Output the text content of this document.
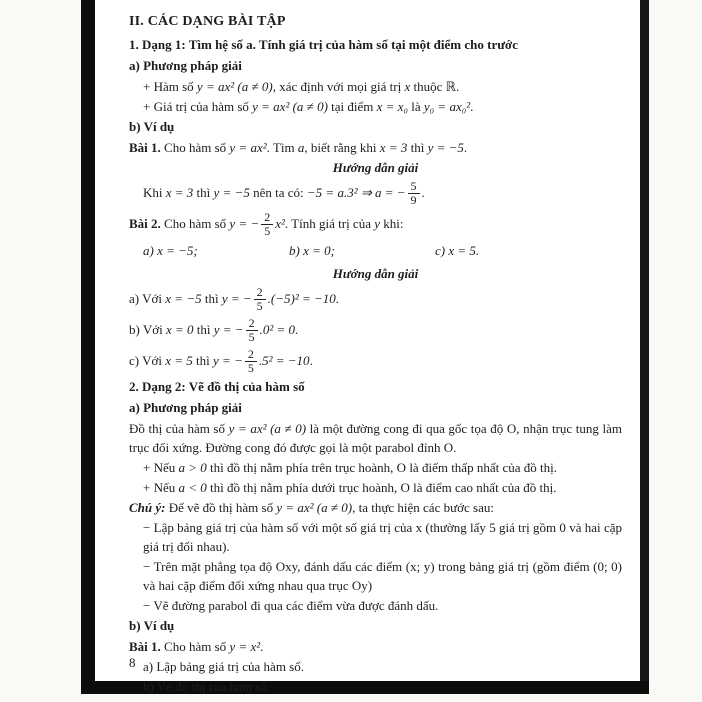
II. CÁC DẠNG BÀI TẬP
1. Dạng 1: Tìm hệ số a. Tính giá trị của hàm số tại một điểm cho trước
a) Phương pháp giải
+ Hàm số y = ax² (a ≠ 0), xác định với mọi giá trị x thuộc ℝ.
+ Giá trị của hàm số y = ax² (a ≠ 0) tại điểm x = x₀ là y₀ = ax₀².
b) Ví dụ
Bài 1. Cho hàm số y = ax². Tìm a, biết rằng khi x = 3 thì y = −5.
Hướng dẫn giải
Khi x = 3 thì y = −5 nên ta có: −5 = a.3² ⇒ a = − $\frac{5}{9}$ .
Bài 2. Cho hàm số y = − $\frac{2}{5} x^2$. Tính giá trị của y khi:
a) x = −5;	b) x = 0;	c) x = 5.
Hướng dẫn giải
a) Với x = −5 thì y = − $\frac{2}{5} .(-5)^2 = -10$.
b) Với x = 0 thì y = − $\frac{2}{5} .0^2 = 0$.
c) Với x = 5 thì y = − $\frac{2}{5} .5^2 = -10$.
2. Dạng 2: Vẽ đồ thị của hàm số
a) Phương pháp giải
Đồ thị của hàm số y = ax² (a ≠ 0) là một đường cong đi qua gốc tọa độ O, nhận trục tung làm trục đối xứng. Đường cong đó được gọi là một parabol đỉnh O.
+ Nếu a > 0 thì đồ thị nằm phía trên trục hoành, O là điểm thấp nhất của đồ thị.
+ Nếu a < 0 thì đồ thị nằm phía dưới trục hoành, O là điểm cao nhất của đồ thị.
Chú ý: Để vẽ đồ thị hàm số y = ax² (a ≠ 0), ta thực hiện các bước sau:
− Lập bảng giá trị của hàm số với một số giá trị của x (thường lấy 5 giá trị gồm 0 và hai cặp giá trị đối nhau).
− Trên mặt phẳng tọa độ Oxy, đánh dấu các điểm (x; y) trong bảng giá trị (gồm điểm (0; 0) và hai cặp điểm đối xứng nhau qua trục Oy)
− Vẽ đường parabol đi qua các điểm vừa được đánh dấu.
b) Ví dụ
Bài 1. Cho hàm số y = x².
a) Lập bảng giá trị của hàm số.
b) Vẽ đồ thị của hàm số.
8
